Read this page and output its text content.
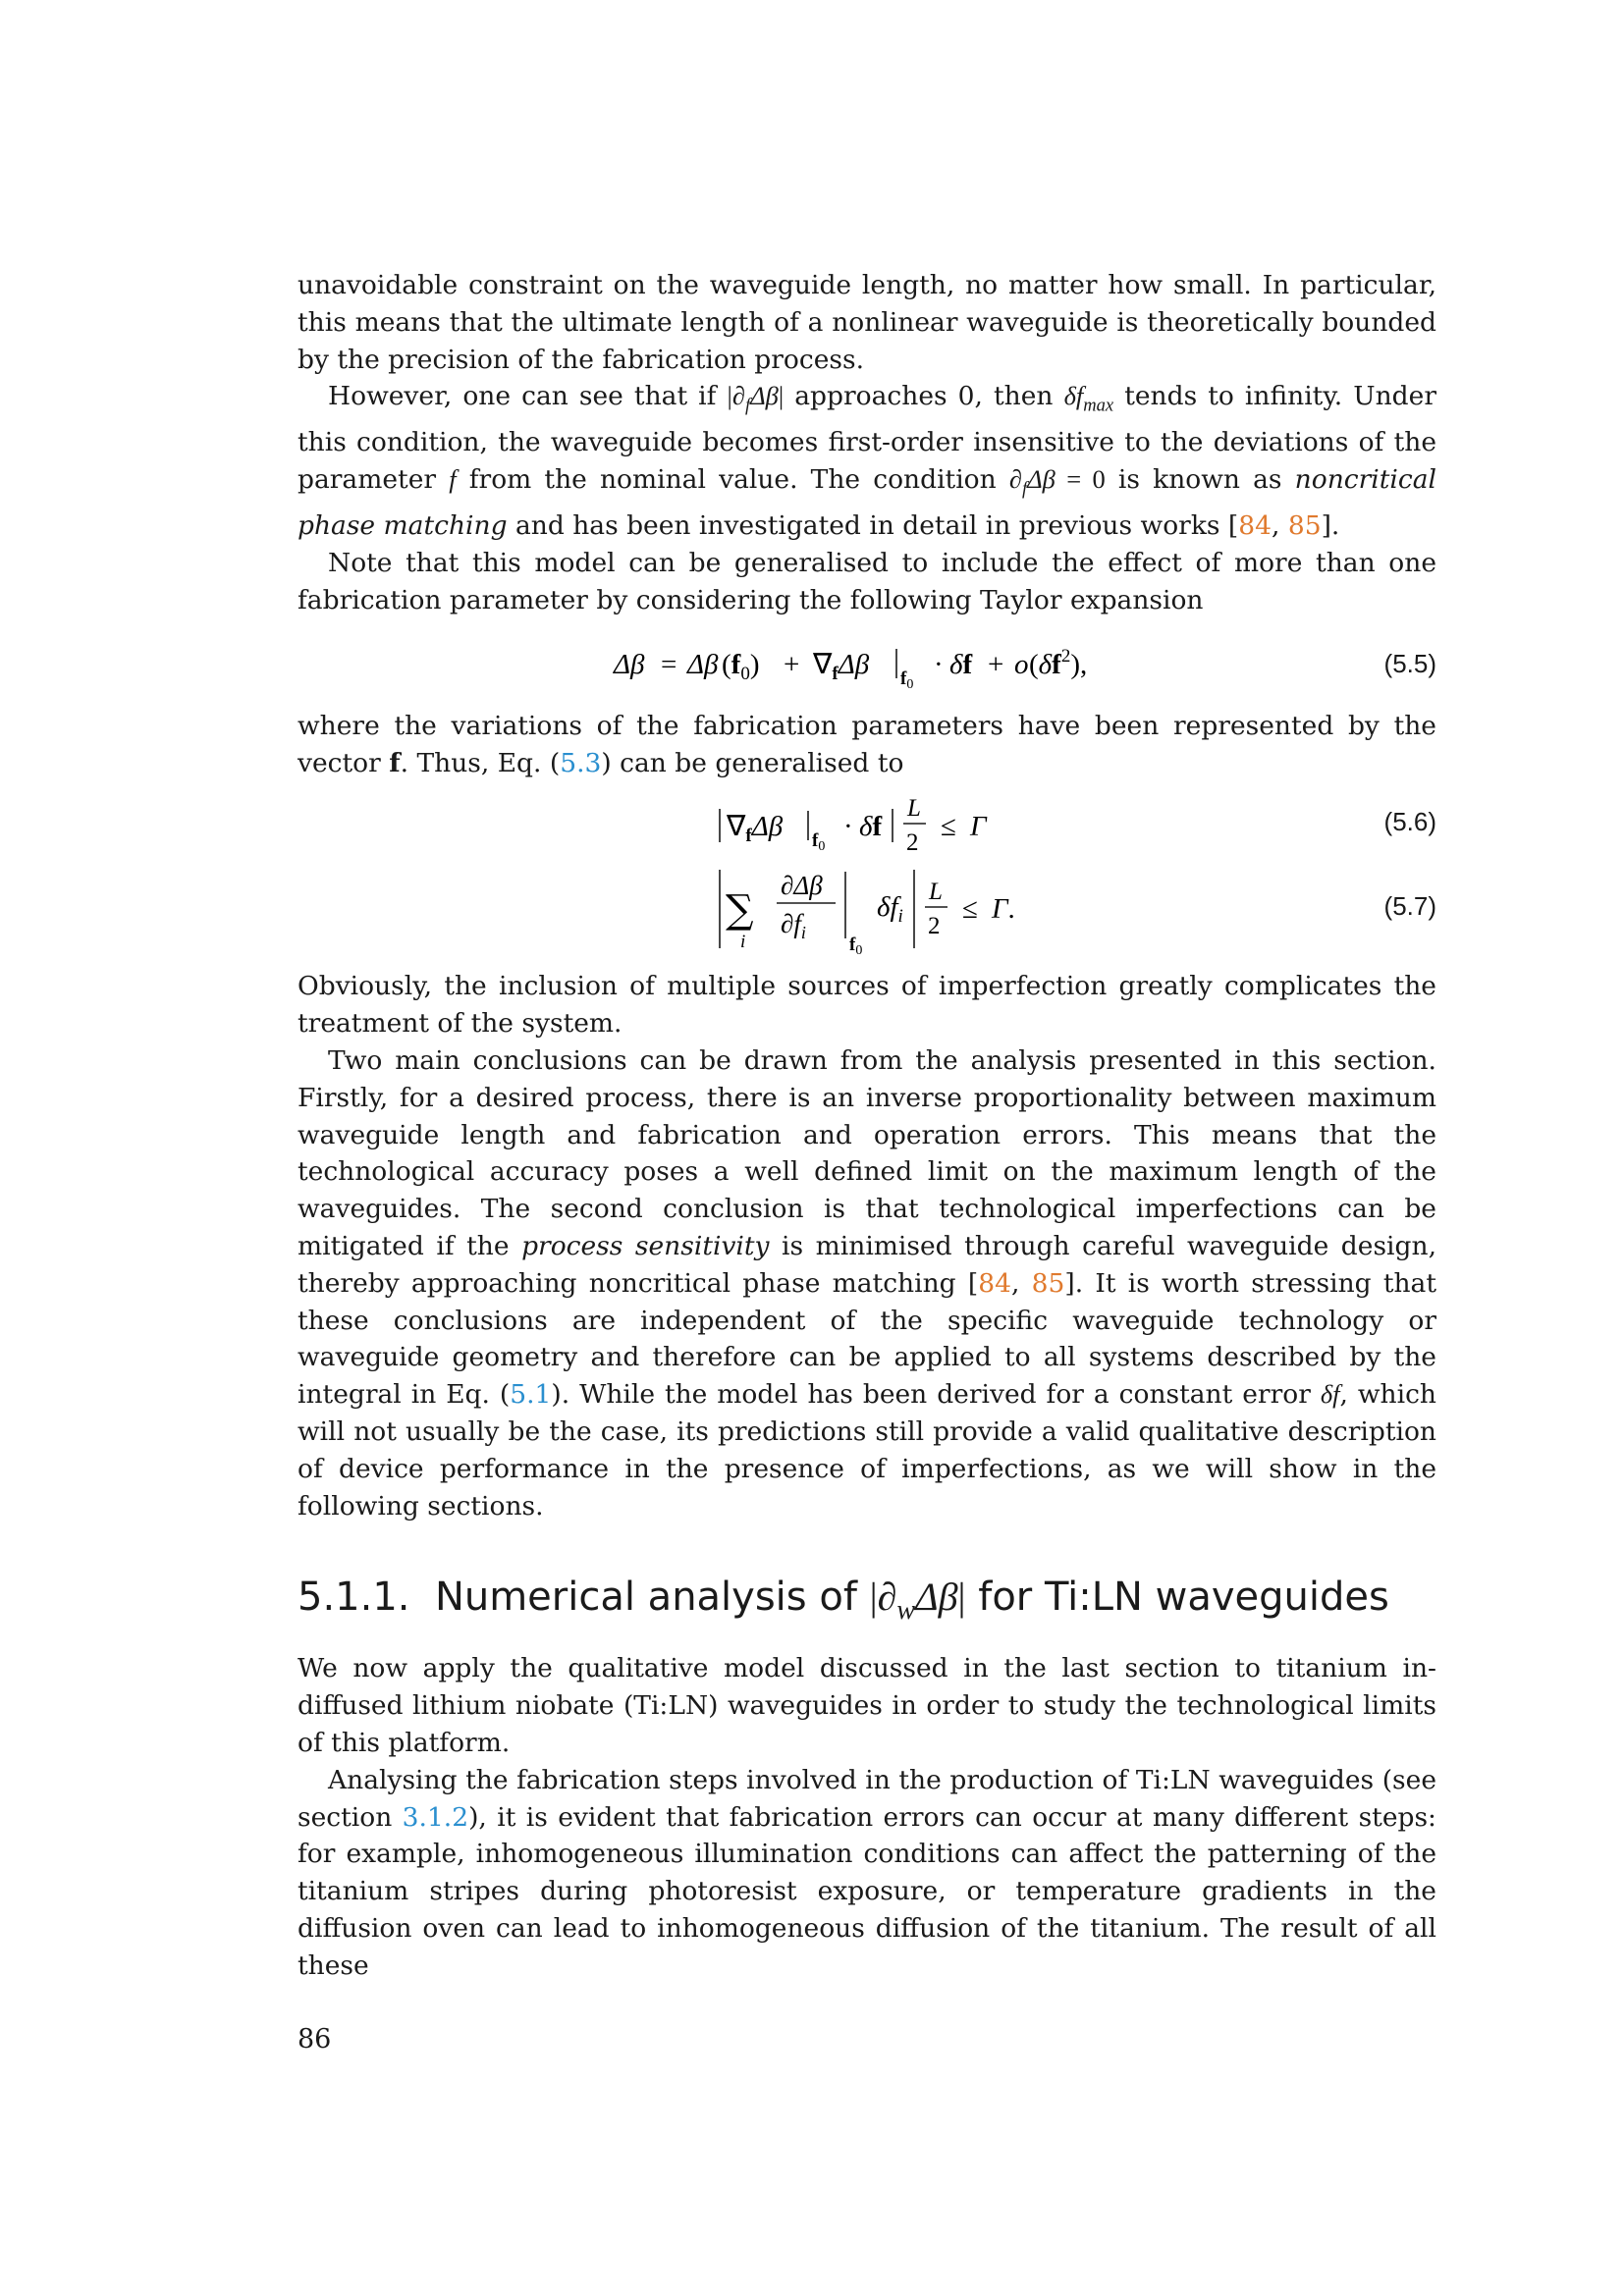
unavoidable constraint on the waveguide length, no matter how small. In particular, this means that the ultimate length of a nonlinear waveguide is theoretically bounded by the precision of the fabrication process.

However, one can see that if $|\partial_f\Delta\beta|$ approaches 0, then $\delta f_{max}$ tends to infinity. Under this condition, the waveguide becomes first-order insensitive to the deviations of the parameter f from the nominal value. The condition $\partial_f\Delta\beta = 0$ is known as noncritical phase matching and has been investigated in detail in previous works [84, 85].

Note that this model can be generalised to include the effect of more than one fabrication parameter by considering the following Taylor expansion

Δβ = Δβ $(f_0) + \nabla_f\Delta\beta$ $f_0$
· δf + o $(\delta f^2)$,	(5.5)

where the variations of the fabrication parameters have been represented by the vector f. Thus, Eq. (5.3) can be generalised to

$\nabla_f\Delta\beta$ $f_0$
· δf
L
2
≤ Γ	(5.6)
∑
i
∂Δβ
$\partial f_i$
$f_0$
$\delta f_i$
L
2
≤ Γ.	(5.7)

Obviously, the inclusion of multiple sources of imperfection greatly complicates the treatment of the system.

Two main conclusions can be drawn from the analysis presented in this section. Firstly, for a desired process, there is an inverse proportionality between maximum waveguide length and fabrication and operation errors. This means that the technological accuracy poses a well defined limit on the maximum length of the waveguides. The second conclusion is that technological imperfections can be mitigated if the process sensitivity is minimised through careful waveguide design, thereby approaching noncritical phase matching [84, 85]. It is worth stressing that these conclusions are independent of the specific waveguide technology or waveguide geometry and therefore can be applied to all systems described by the integral in Eq. (5.1). While the model has been derived for a constant error δf, which will not usually be the case, its predictions still provide a valid qualitative description of device performance in the presence of imperfections, as we will show in the following sections.

5.1.1. Numerical analysis of $|\partial_w\Delta\beta|$ for Ti:LN waveguides

We now apply the qualitative model discussed in the last section to titanium in-diffused lithium niobate (Ti:LN) waveguides in order to study the technological limits of this platform.

Analysing the fabrication steps involved in the production of Ti:LN waveguides (see section 3.1.2), it is evident that fabrication errors can occur at many different steps: for example, inhomogeneous illumination conditions can affect the patterning of the titanium stripes during photoresist exposure, or temperature gradients in the diffusion oven can lead to inhomogeneous diffusion of the titanium. The result of all these

86
